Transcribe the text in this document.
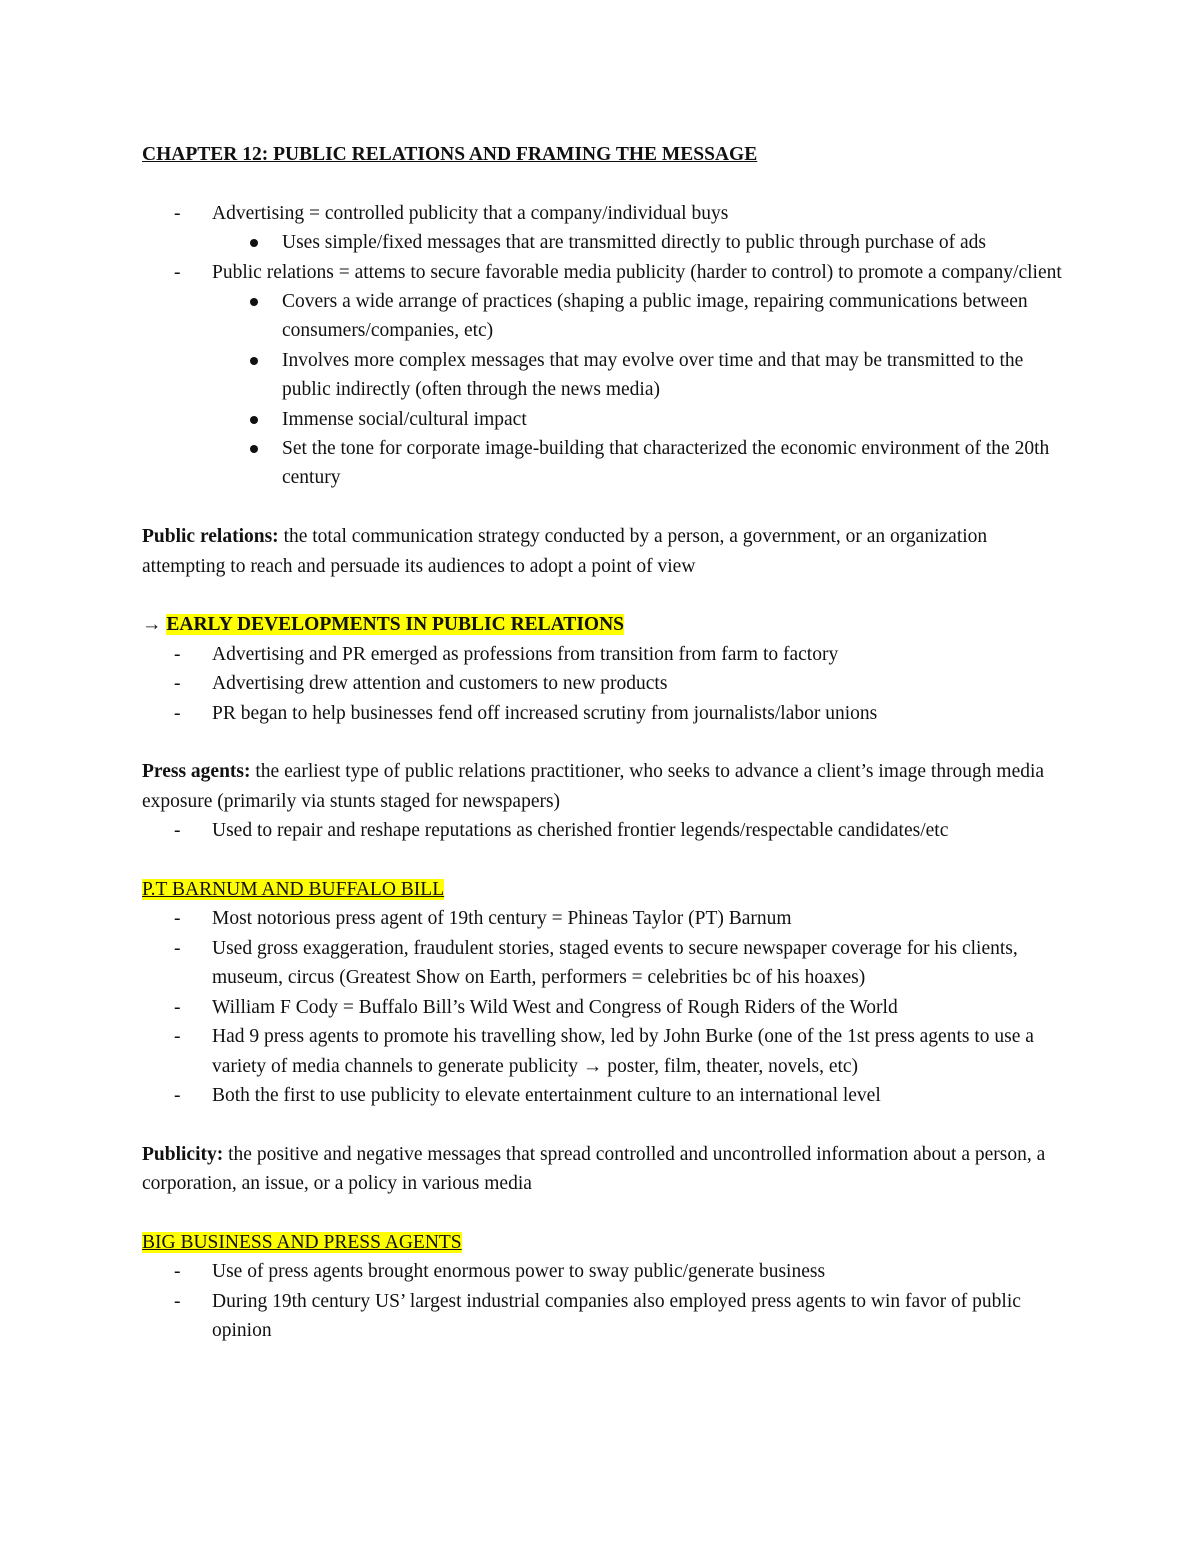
CHAPTER 12: PUBLIC RELATIONS AND FRAMING THE MESSAGE

- Advertising = controlled publicity that a company/individual buys
Uses simple/fixed messages that are transmitted directly to public through purchase of ads
- Public relations = attems to secure favorable media publicity (harder to control) to promote a company/client
Covers a wide arrange of practices (shaping a public image, repairing communications between consumers/companies, etc)
Involves more complex messages that may evolve over time and that may be transmitted to the public indirectly (often through the news media)
Immense social/cultural impact
Set the tone for corporate image-building that characterized the economic environment of the 20th century

Public relations: the total communication strategy conducted by a person, a government, or an organization attempting to reach and persuade its audiences to adopt a point of view

→ EARLY DEVELOPMENTS IN PUBLIC RELATIONS

- Advertising and PR emerged as professions from transition from farm to factory
- Advertising drew attention and customers to new products
- PR began to help businesses fend off increased scrutiny from journalists/labor unions

Press agents: the earliest type of public relations practitioner, who seeks to advance a client’s image through media exposure (primarily via stunts staged for newspapers)

- Used to repair and reshape reputations as cherished frontier legends/respectable candidates/etc

P.T BARNUM AND BUFFALO BILL

- Most notorious press agent of 19th century = Phineas Taylor (PT) Barnum
- Used gross exaggeration, fraudulent stories, staged events to secure newspaper coverage for his clients, museum, circus (Greatest Show on Earth, performers = celebrities bc of his hoaxes)
- William F Cody = Buffalo Bill’s Wild West and Congress of Rough Riders of the World
- Had 9 press agents to promote his travelling show, led by John Burke (one of the 1st press agents to use a variety of media channels to generate publicity → poster, film, theater, novels, etc)
- Both the first to use publicity to elevate entertainment culture to an international level

Publicity: the positive and negative messages that spread controlled and uncontrolled information about a person, a corporation, an issue, or a policy in various media

BIG BUSINESS AND PRESS AGENTS

- Use of press agents brought enormous power to sway public/generate business
- During 19th century US’ largest industrial companies also employed press agents to win favor of public opinion
